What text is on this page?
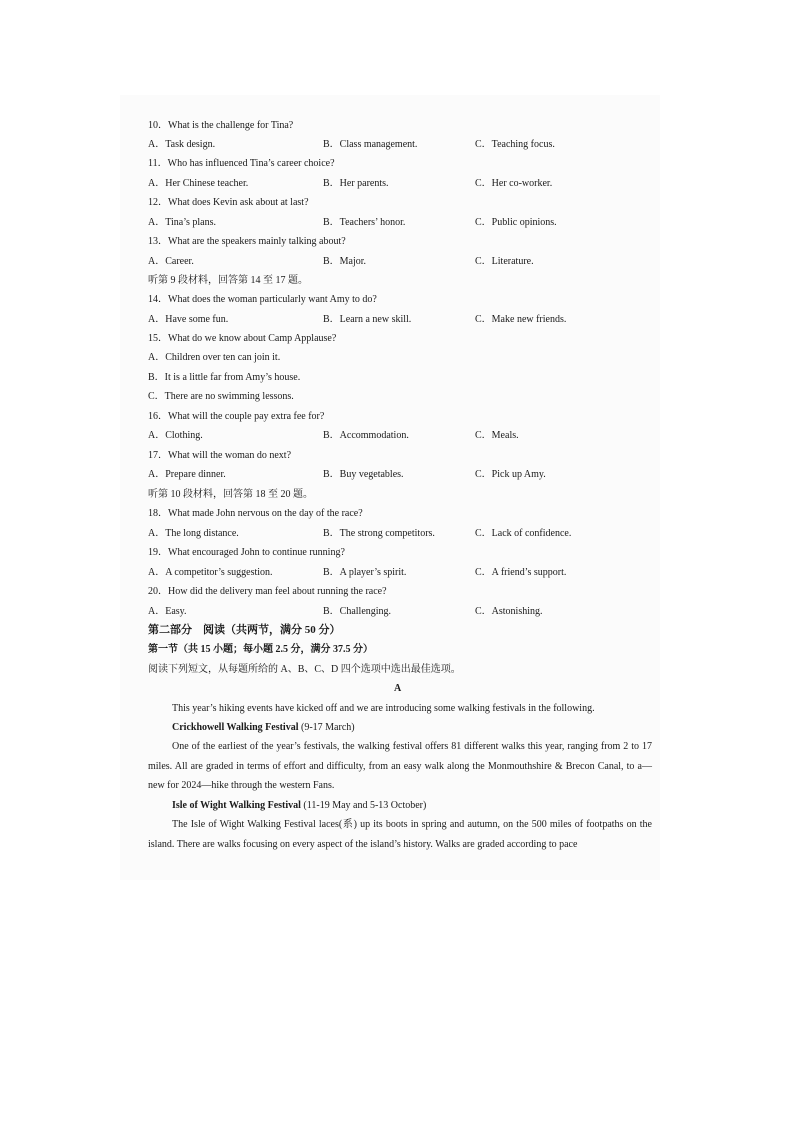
10．What is the challenge for Tina?
A．Task design.	B．Class management.	C．Teaching focus.
11．Who has influenced Tina’s career choice?
A．Her Chinese teacher.	B．Her parents.	C．Her co-worker.
12．What does Kevin ask about at last?
A．Tina’s plans.	B．Teachers’ honor.	C．Public opinions.
13．What are the speakers mainly talking about?
A．Career.	B．Major.	C．Literature.
听第 9 段材料，回答第 14 至 17 题。
14．What does the woman particularly want Amy to do?
A．Have some fun.	B．Learn a new skill.	C．Make new friends.
15．What do we know about Camp Applause?
A．Children over ten can join it.
B．It is a little far from Amy’s house.
C．There are no swimming lessons.
16．What will the couple pay extra fee for?
A．Clothing.	B．Accommodation.	C．Meals.
17．What will the woman do next?
A．Prepare dinner.	B．Buy vegetables.	C．Pick up Amy.
听第 10 段材料，回答第 18 至 20 题。
18．What made John nervous on the day of the race?
A．The long distance.	B．The strong competitors.	C．Lack of confidence.
19．What encouraged John to continue running?
A．A competitor’s suggestion.	B．A player’s spirit.	C．A friend’s support.
20．How did the delivery man feel about running the race?
A．Easy.	B．Challenging.	C．Astonishing.
第二部分　阅读（共两节，满分 50 分）
第一节（共 15 小题；每小题 2.5 分，满分 37.5 分）
阅读下列短文，从每题所给的 A、B、C、D 四个选项中选出最佳选项。
A
This year’s hiking events have kicked off and we are introducing some walking festivals in the following.
Crickhowell Walking Festival (9-17 March)
One of the earliest of the year’s festivals, the walking festival offers 81 different walks this year, ranging from 2 to 17 miles. All are graded in terms of effort and difficulty, from an easy walk along the Monmouthshire & Brecon Canal, to a—new for 2024—hike through the western Fans.
Isle of Wight Walking Festival (11-19 May and 5-13 October)
The Isle of Wight Walking Festival laces(系) up its boots in spring and autumn, on the 500 miles of footpaths on the island. There are walks focusing on every aspect of the island’s history. Walks are graded according to pace
